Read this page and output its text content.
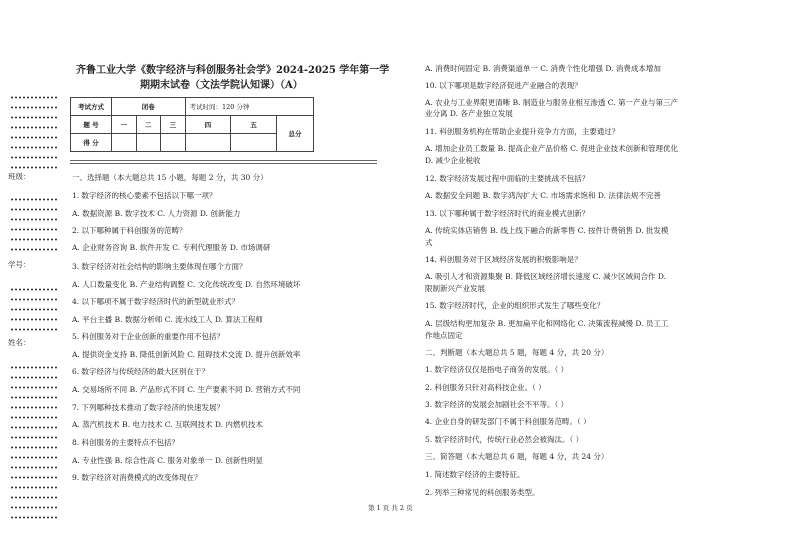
班级：
学号：
姓名：
齐鲁工业大学《数字经济与科创服务社会学》2024-2025 学年第一学
期期末试卷（文法学院认知课）（A）
考试方式	闭卷			考试时间：120 分钟		
题 号	一	二	三	四	五	总分
得 分						
一、选择题（本大题总共 15 小题，每题 2 分，共 30 分）
1. 数字经济的核心要素不包括以下哪一项？
A. 数据资源 B. 数字技术 C. 人力资源 D. 创新能力
2. 以下哪种属于科创服务的范畴？
A. 企业财务咨询 B. 软件开发 C. 专利代理服务 D. 市场调研
3. 数字经济对社会结构的影响主要体现在哪个方面？
A. 人口数量变化 B. 产业结构调整 C. 文化传统改变 D. 自然环境破坏
4. 以下哪项不属于数字经济时代的新型就业形式？
A. 平台主播 B. 数据分析师 C. 流水线工人 D. 算法工程师
5. 科创服务对于企业创新的重要作用不包括？
A. 提供资金支持 B. 降低创新风险 C. 阻碍技术交流 D. 提升创新效率
6. 数字经济与传统经济的最大区别在于？
A. 交易场所不同 B. 产品形式不同 C. 生产要素不同 D. 营销方式不同
7. 下列哪种技术推动了数字经济的快速发展？
A. 蒸汽机技术 B. 电力技术 C. 互联网技术 D. 内燃机技术
8. 科创服务的主要特点不包括？
A. 专业性强 B. 综合性高 C. 服务对象单一 D. 创新性明显
9. 数字经济对消费模式的改变体现在？
A. 消费时间固定 B. 消费渠道单一 C. 消费个性化增强 D. 消费成本增加
10. 以下哪项是数字经济促进产业融合的表现？
A. 农业与工业界限更清晰 B. 制造业与服务业相互渗透 C. 第一产业与第三产
业分离 D. 各产业独立发展
11. 科创服务机构在帮助企业提升竞争力方面，主要通过？
A. 增加企业员工数量 B. 提高企业产品价格 C. 促进企业技术创新和管理优化
D. 减少企业税收
12. 数字经济发展过程中面临的主要挑战不包括？
A. 数据安全问题 B. 数字鸿沟扩大 C. 市场需求饱和 D. 法律法规不完善
13. 以下哪种属于数字经济时代的商业模式创新？
A. 传统实体店销售 B. 线上线下融合的新零售 C. 按件计费销售 D. 批发模
式
14. 科创服务对于区域经济发展的积极影响是？
A. 吸引人才和资源集聚 B. 降低区域经济增长速度 C. 减少区域间合作 D.
限制新兴产业发展
15. 数字经济时代，企业的组织形式发生了哪些变化？
A. 层级结构更加复杂 B. 更加扁平化和网络化 C. 决策流程减慢 D. 员工工
作地点固定
二、判断题（本大题总共 5 题，每题 4 分，共 20 分）
1. 数字经济仅仅是指电子商务的发展。（ ）
2. 科创服务只针对高科技企业。（ ）
3. 数字经济的发展会加剧社会不平等。（ ）
4. 企业自身的研发部门不属于科创服务范畴。（ ）
5. 数字经济时代，传统行业必然会被淘汰。（ ）
三、简答题（本大题总共 6 题，每题 4 分，共 24 分）
1. 简述数字经济的主要特征。
2. 列举三种常见的科创服务类型。
第 1 页 共 2 页
